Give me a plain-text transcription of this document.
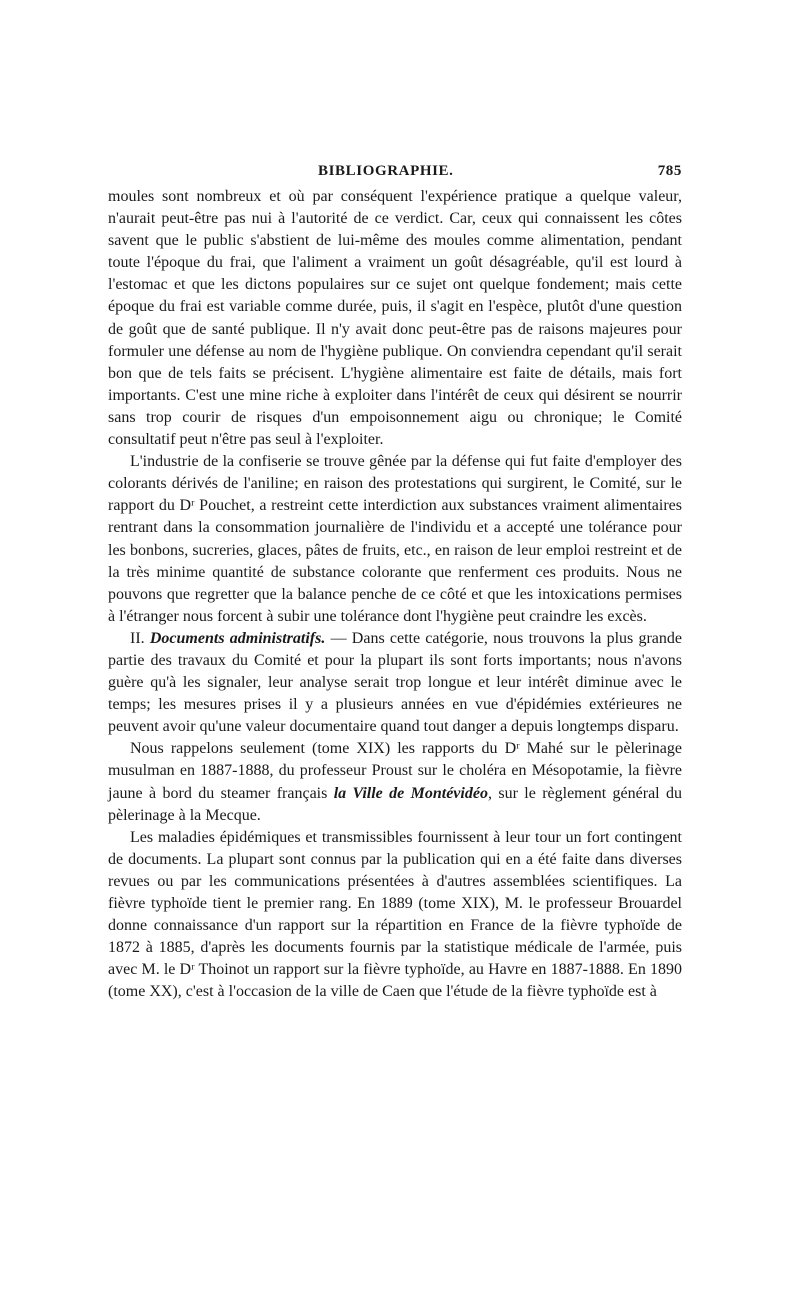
BIBLIOGRAPHIE.	785

moules sont nombreux et où par conséquent l'expérience pratique a quelque valeur, n'aurait peut-être pas nui à l'autorité de ce verdict. Car, ceux qui connaissent les côtes savent que le public s'abstient de lui-même des moules comme alimentation, pendant toute l'époque du frai, que l'aliment a vraiment un goût désagréable, qu'il est lourd à l'estomac et que les dictons populaires sur ce sujet ont quelque fondement; mais cette époque du frai est variable comme durée, puis, il s'agit en l'espèce, plutôt d'une question de goût que de santé publique. Il n'y avait donc peut-être pas de raisons majeures pour formuler une défense au nom de l'hygiène publique. On conviendra cependant qu'il serait bon que de tels faits se précisent. L'hygiène alimentaire est faite de détails, mais fort importants. C'est une mine riche à exploiter dans l'intérêt de ceux qui désirent se nourrir sans trop courir de risques d'un empoisonnement aigu ou chronique; le Comité consultatif peut n'être pas seul à l'exploiter.

L'industrie de la confiserie se trouve gênée par la défense qui fut faite d'employer des colorants dérivés de l'aniline; en raison des protestations qui surgirent, le Comité, sur le rapport du Dʳ Pouchet, a restreint cette interdiction aux substances vraiment alimentaires rentrant dans la consommation journalière de l'individu et a accepté une tolérance pour les bonbons, sucreries, glaces, pâtes de fruits, etc., en raison de leur emploi restreint et de la très minime quantité de substance colorante que renferment ces produits. Nous ne pouvons que regretter que la balance penche de ce côté et que les intoxications permises à l'étranger nous forcent à subir une tolérance dont l'hygiène peut craindre les excès.

II. Documents administratifs. — Dans cette catégorie, nous trouvons la plus grande partie des travaux du Comité et pour la plupart ils sont forts importants; nous n'avons guère qu'à les signaler, leur analyse serait trop longue et leur intérêt diminue avec le temps; les mesures prises il y a plusieurs années en vue d'épidémies extérieures ne peuvent avoir qu'une valeur documentaire quand tout danger a depuis longtemps disparu.

Nous rappelons seulement (tome XIX) les rapports du Dʳ Mahé sur le pèlerinage musulman en 1887-1888, du professeur Proust sur le choléra en Mésopotamie, la fièvre jaune à bord du steamer français la Ville de Montévidéo, sur le règlement général du pèlerinage à la Mecque.

Les maladies épidémiques et transmissibles fournissent à leur tour un fort contingent de documents. La plupart sont connus par la publication qui en a été faite dans diverses revues ou par les communications présentées à d'autres assemblées scientifiques. La fièvre typhoïde tient le premier rang. En 1889 (tome XIX), M. le professeur Brouardel donne connaissance d'un rapport sur la répartition en France de la fièvre typhoïde de 1872 à 1885, d'après les documents fournis par la statistique médicale de l'armée, puis avec M. le Dʳ Thoinot un rapport sur la fièvre typhoïde, au Havre en 1887-1888. En 1890 (tome XX), c'est à l'occasion de la ville de Caen que l'étude de la fièvre typhoïde est à
